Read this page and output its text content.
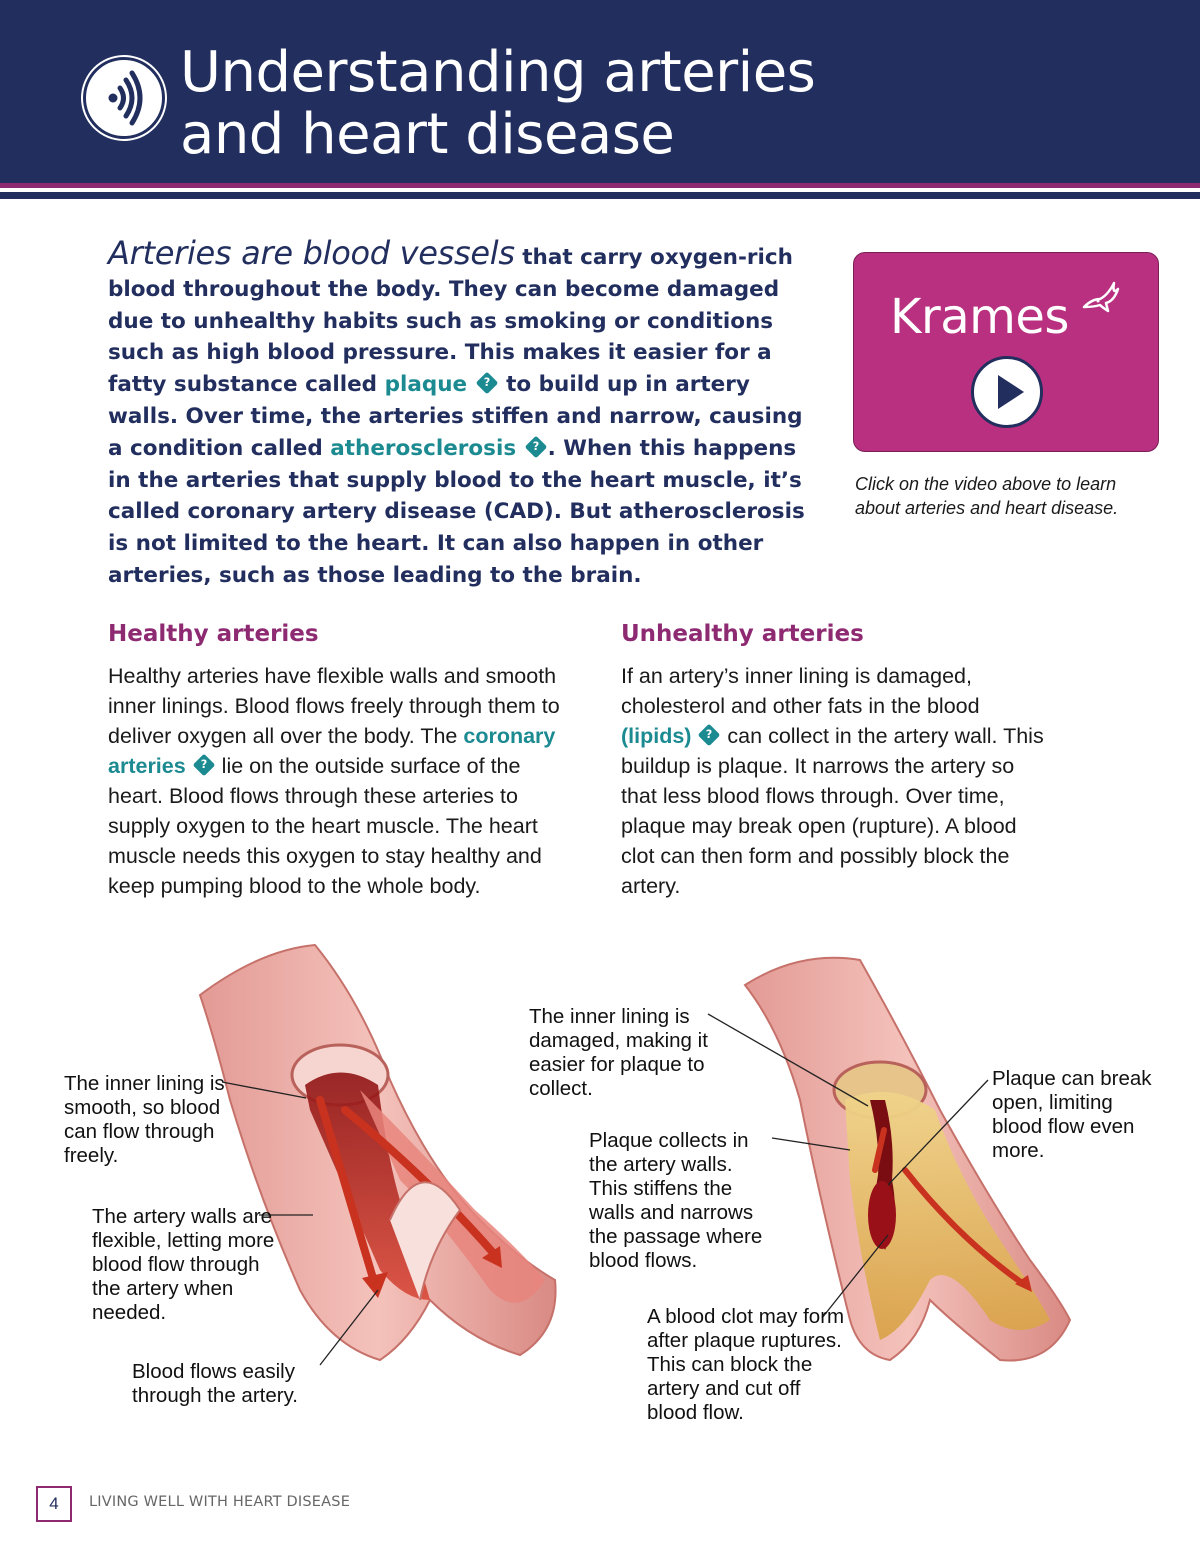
Understanding arteries
and heart disease

Arteries are blood vessels that carry oxygen-rich blood throughout the body. They can become damaged due to unhealthy habits such as smoking or conditions such as high blood pressure. This makes it easier for a fatty substance called plaque	? to build up in artery walls. Over time, the arteries stiffen and narrow, causing a condition called atherosclerosis	? . When this happens in the arteries that supply blood to the heart muscle, it’s called coronary artery disease (CAD). But atherosclerosis is not limited to the heart. It can also happen in other arteries, such as those leading to the brain.

Krames

Click on the video above to learn about arteries and heart disease.

Healthy arteries

Healthy arteries have flexible walls and smooth inner linings. Blood flows freely through them to deliver oxygen all over the body. The coronary arteries	? lie on the outside surface of the heart. Blood flows through these arteries to supply oxygen to the heart muscle. The heart muscle needs this oxygen to stay healthy and keep pumping blood to the whole body.

Unhealthy arteries

If an artery’s inner lining is damaged, cholesterol and other fats in the blood (lipids)	? can collect in the artery wall. This buildup is plaque. It narrows the artery so that less blood flows through. Over time, plaque may break open (rupture). A blood clot can then form and possibly block the artery.

The inner lining is smooth, so blood can flow through freely.
The artery walls are flexible, letting more blood flow through the artery when needed.
Blood flows easily through the artery.
The inner lining is damaged, making it easier for plaque to collect.
Plaque collects in the artery walls. This stiffens the walls and narrows the passage where blood flows.
Plaque can break open, limiting blood flow even more.
A blood clot may form after plaque ruptures. This can block the artery and cut off blood flow.
4	LIVING WELL WITH HEART DISEASE
